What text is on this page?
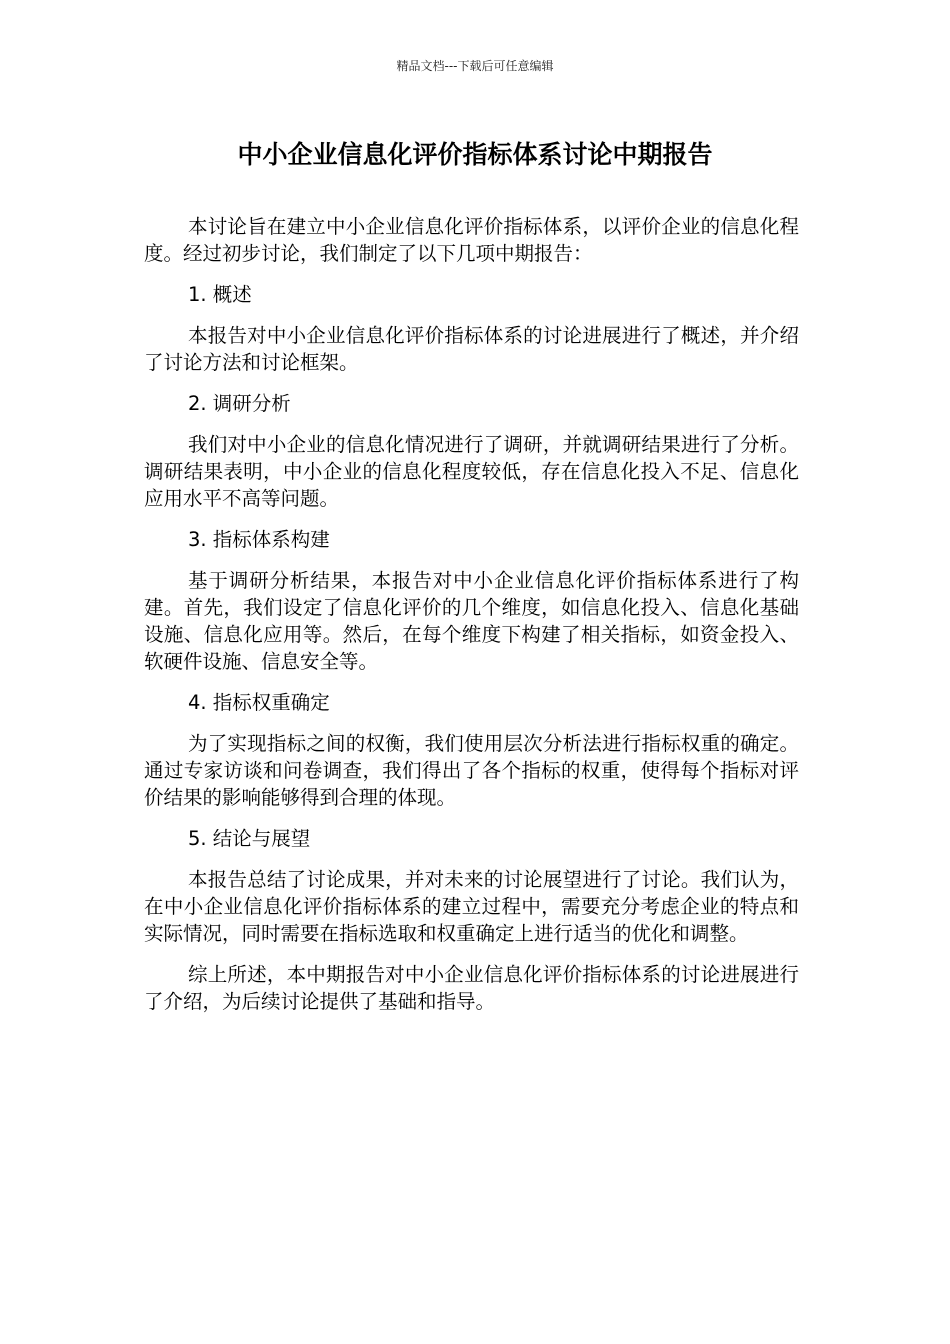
精品文档---下载后可任意编辑
中小企业信息化评价指标体系讨论中期报告

本讨论旨在建立中小企业信息化评价指标体系，以评价企业的信息化程度。经过初步讨论，我们制定了以下几项中期报告：

1. 概述

本报告对中小企业信息化评价指标体系的讨论进展进行了概述，并介绍了讨论方法和讨论框架。

2. 调研分析

我们对中小企业的信息化情况进行了调研，并就调研结果进行了分析。调研结果表明，中小企业的信息化程度较低，存在信息化投入不足、信息化应用水平不高等问题。

3. 指标体系构建

基于调研分析结果，本报告对中小企业信息化评价指标体系进行了构建。首先，我们设定了信息化评价的几个维度，如信息化投入、信息化基础设施、信息化应用等。然后，在每个维度下构建了相关指标，如资金投入、软硬件设施、信息安全等。

4. 指标权重确定

为了实现指标之间的权衡，我们使用层次分析法进行指标权重的确定。通过专家访谈和问卷调查，我们得出了各个指标的权重，使得每个指标对评价结果的影响能够得到合理的体现。

5. 结论与展望

本报告总结了讨论成果，并对未来的讨论展望进行了讨论。我们认为，在中小企业信息化评价指标体系的建立过程中，需要充分考虑企业的特点和实际情况，同时需要在指标选取和权重确定上进行适当的优化和调整。

综上所述，本中期报告对中小企业信息化评价指标体系的讨论进展进行了介绍，为后续讨论提供了基础和指导。
